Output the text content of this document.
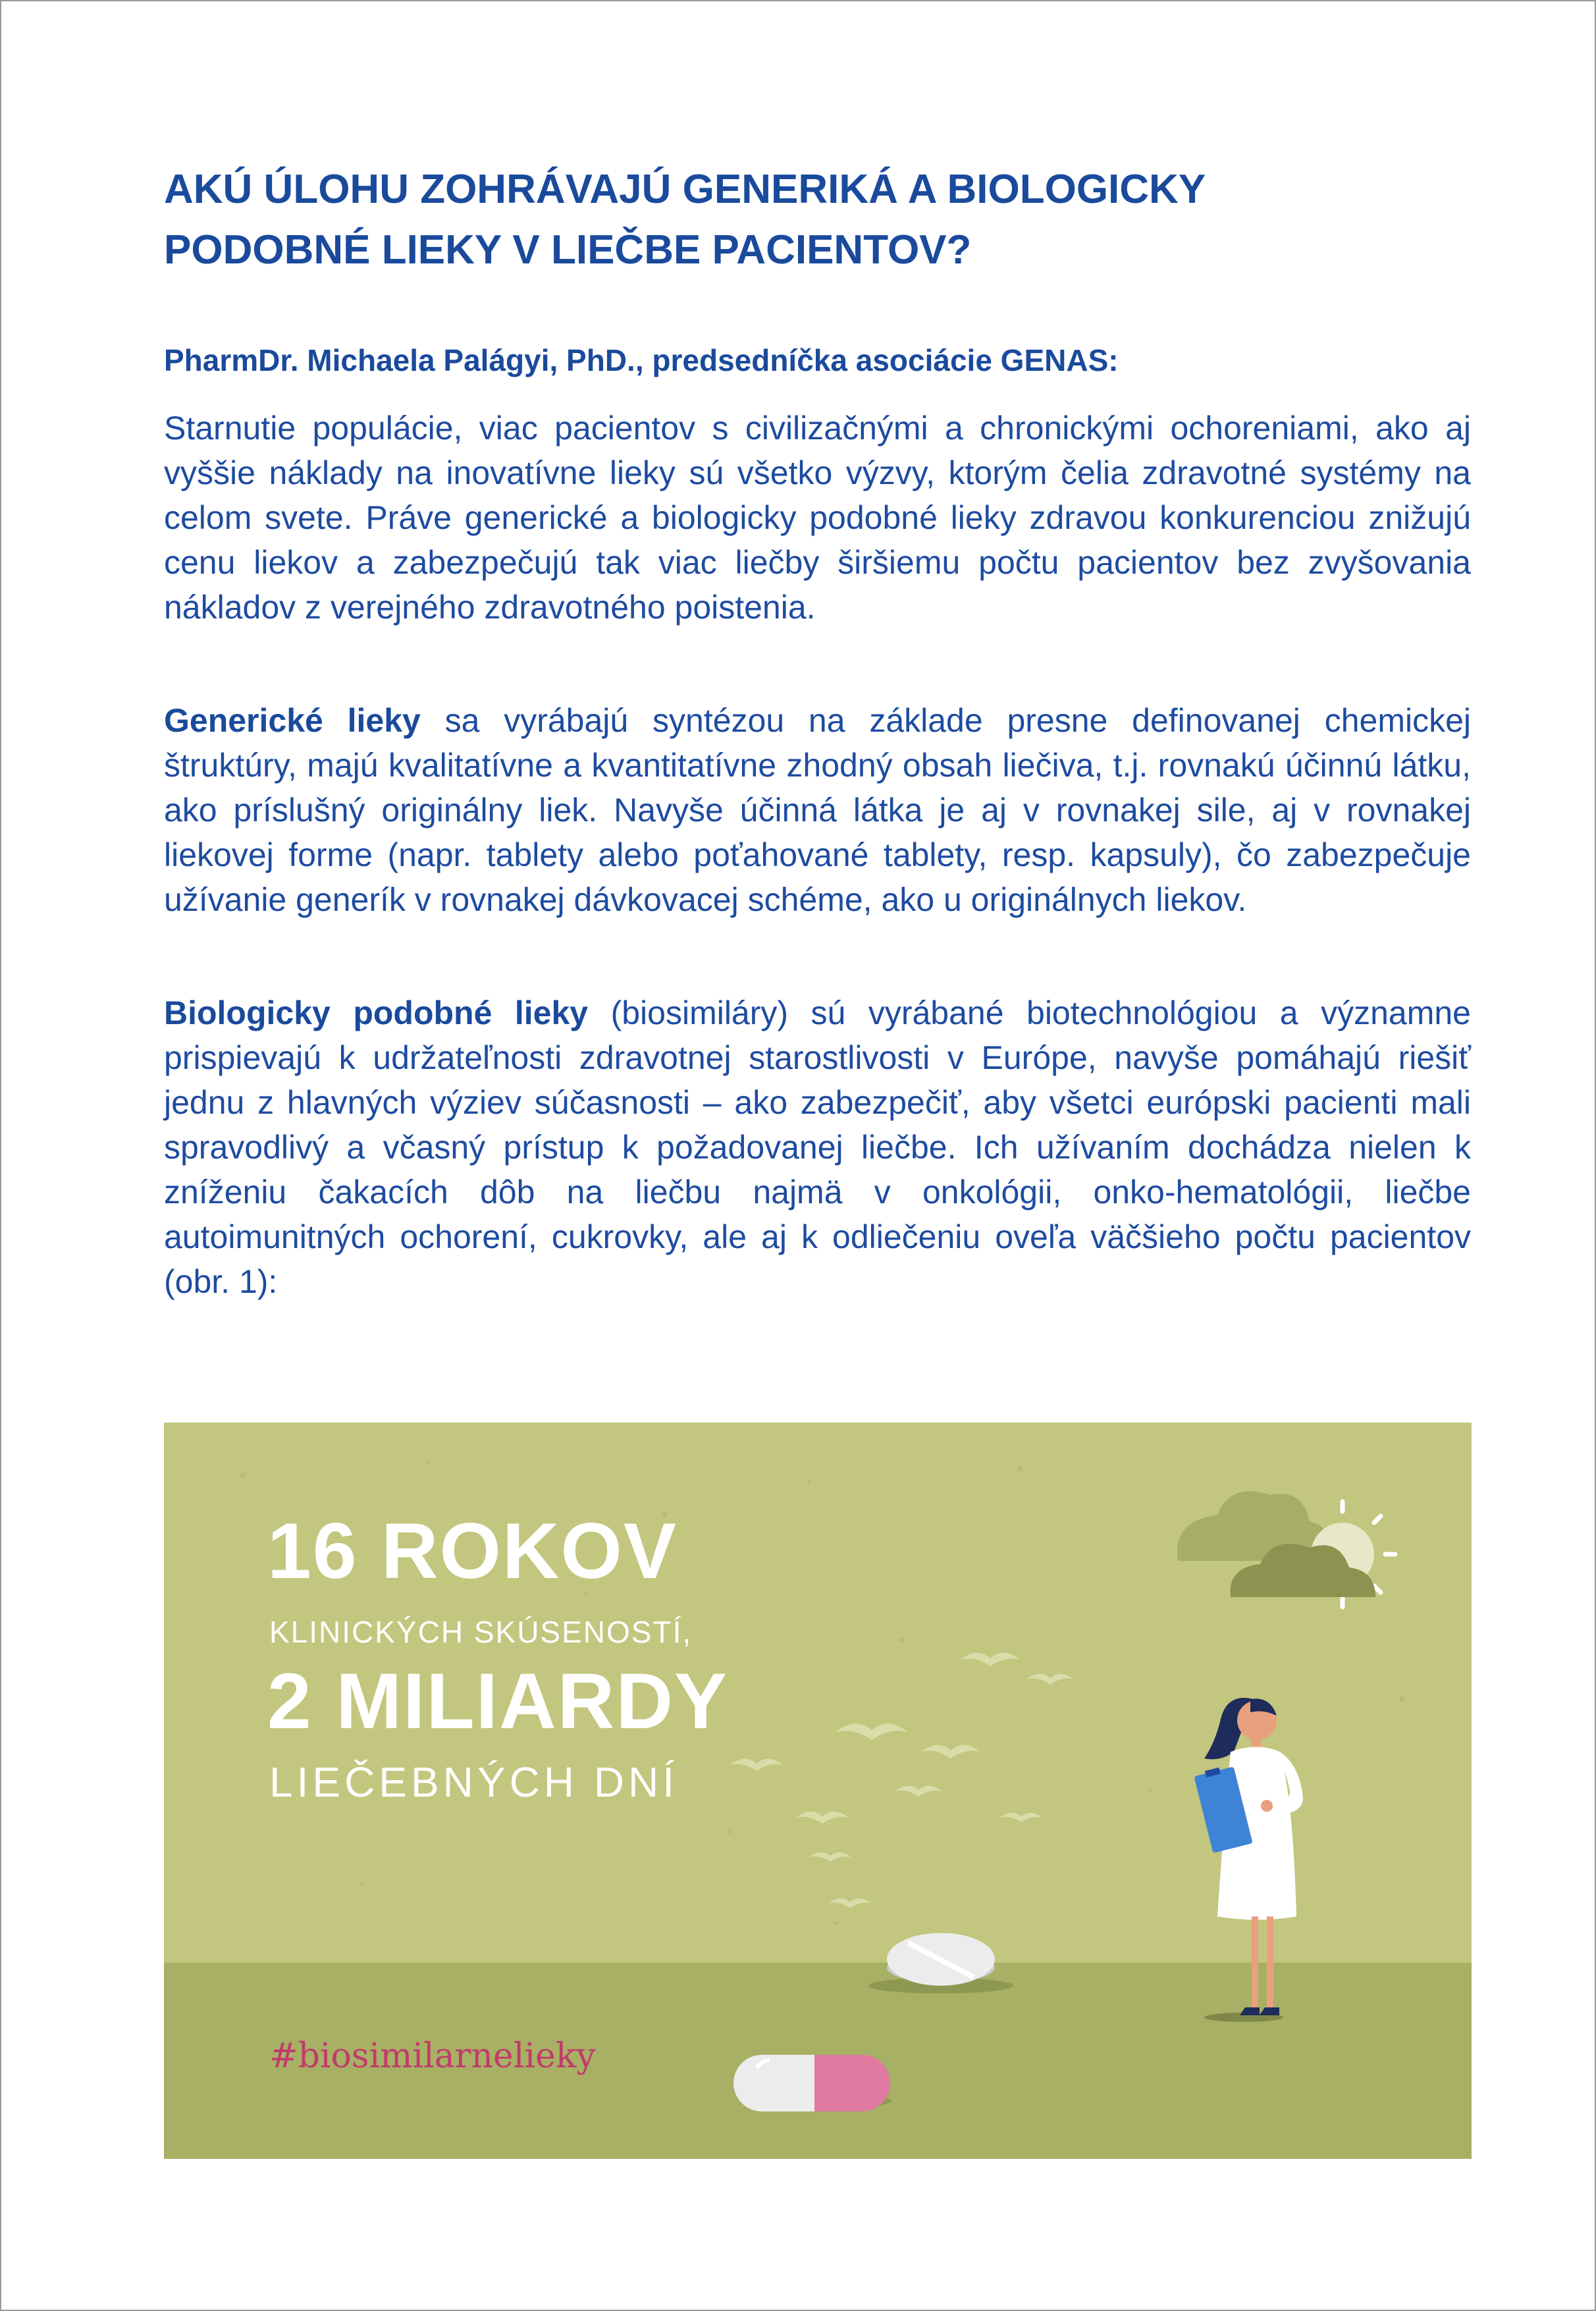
AKÚ ÚLOHU ZOHRÁVAJÚ GENERIKÁ A BIOLOGICKY
PODOBNÉ LIEKY V LIEČBE PACIENTOV?
PharmDr. Michaela Palágyi, PhD., predsedníčka asociácie GENAS:
Starnutie populácie, viac pacientov s civilizačnými a chronickými ochoreniami, ako aj vyššie náklady na inovatívne lieky sú všetko výzvy, ktorým čelia zdravotné systémy na celom svete. Práve generické a biologicky podobné lieky zdravou konkurenciou znižujú cenu liekov a zabezpečujú tak viac liečby širšiemu počtu pacientov bez zvyšovania nákladov z verejného zdravotného poistenia.
Generické lieky sa vyrábajú syntézou na základe presne definovanej chemickej štruktúry, majú kvalitatívne a kvantitatívne zhodný obsah liečiva, t.j. rovnakú účinnú látku, ako príslušný originálny liek. Navyše účinná látka je aj v rovnakej sile, aj v rovnakej liekovej forme (napr. tablety alebo poťahované tablety, resp. kapsuly), čo zabezpečuje užívanie generík v rovnakej dávkovacej schéme, ako u originálnych liekov.
Biologicky podobné lieky (biosimiláry) sú vyrábané biotechnológiou a významne prispievajú k udržateľnosti zdravotnej starostlivosti v Európe, navyše pomáhajú riešiť jednu z hlavných výziev súčasnosti – ako zabezpečiť, aby všetci európski pacienti mali spravodlivý a včasný prístup k požadovanej liečbe. Ich užívaním dochádza nielen k zníženiu čakacích dôb na liečbu najmä v onkológii, onko-hematológii, liečbe autoimunitných ochorení, cukrovky, ale aj k odliečeniu oveľa väčšieho počtu pacientov (obr. 1):
16 ROKOV
KLINICKÝCH SKÚSENOSTÍ,
2 MILIARDY
LIEČEBNÝCH DNÍ
#biosimilarnelieky
